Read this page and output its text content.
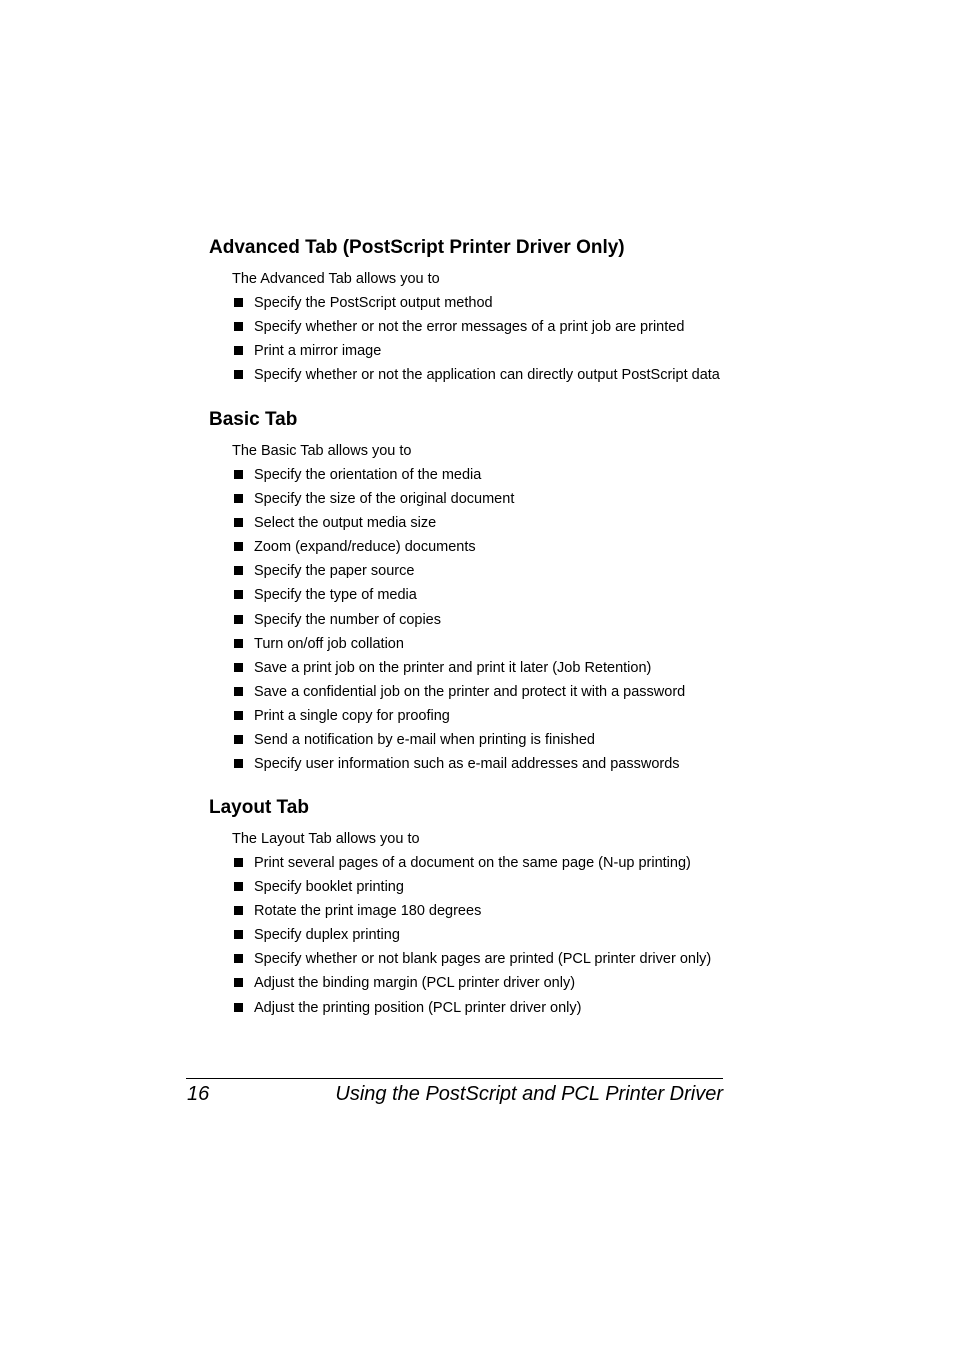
Advanced Tab (PostScript Printer Driver Only)

The Advanced Tab allows you to

Specify the PostScript output method
Specify whether or not the error messages of a print job are printed
Print a mirror image
Specify whether or not the application can directly output PostScript data
Basic Tab

The Basic Tab allows you to

Specify the orientation of the media
Specify the size of the original document
Select the output media size
Zoom (expand/reduce) documents
Specify the paper source
Specify the type of media
Specify the number of copies
Turn on/off job collation
Save a print job on the printer and print it later (Job Retention)
Save a confidential job on the printer and protect it with a password
Print a single copy for proofing
Send a notification by e-mail when printing is finished
Specify user information such as e-mail addresses and passwords
Layout Tab

The Layout Tab allows you to

Print several pages of a document on the same page (N-up printing)
Specify booklet printing
Rotate the print image 180 degrees
Specify duplex printing
Specify whether or not blank pages are printed (PCL printer driver only)
Adjust the binding margin (PCL printer driver only)
Adjust the printing position (PCL printer driver only)
16	Using the PostScript and PCL Printer Driver
